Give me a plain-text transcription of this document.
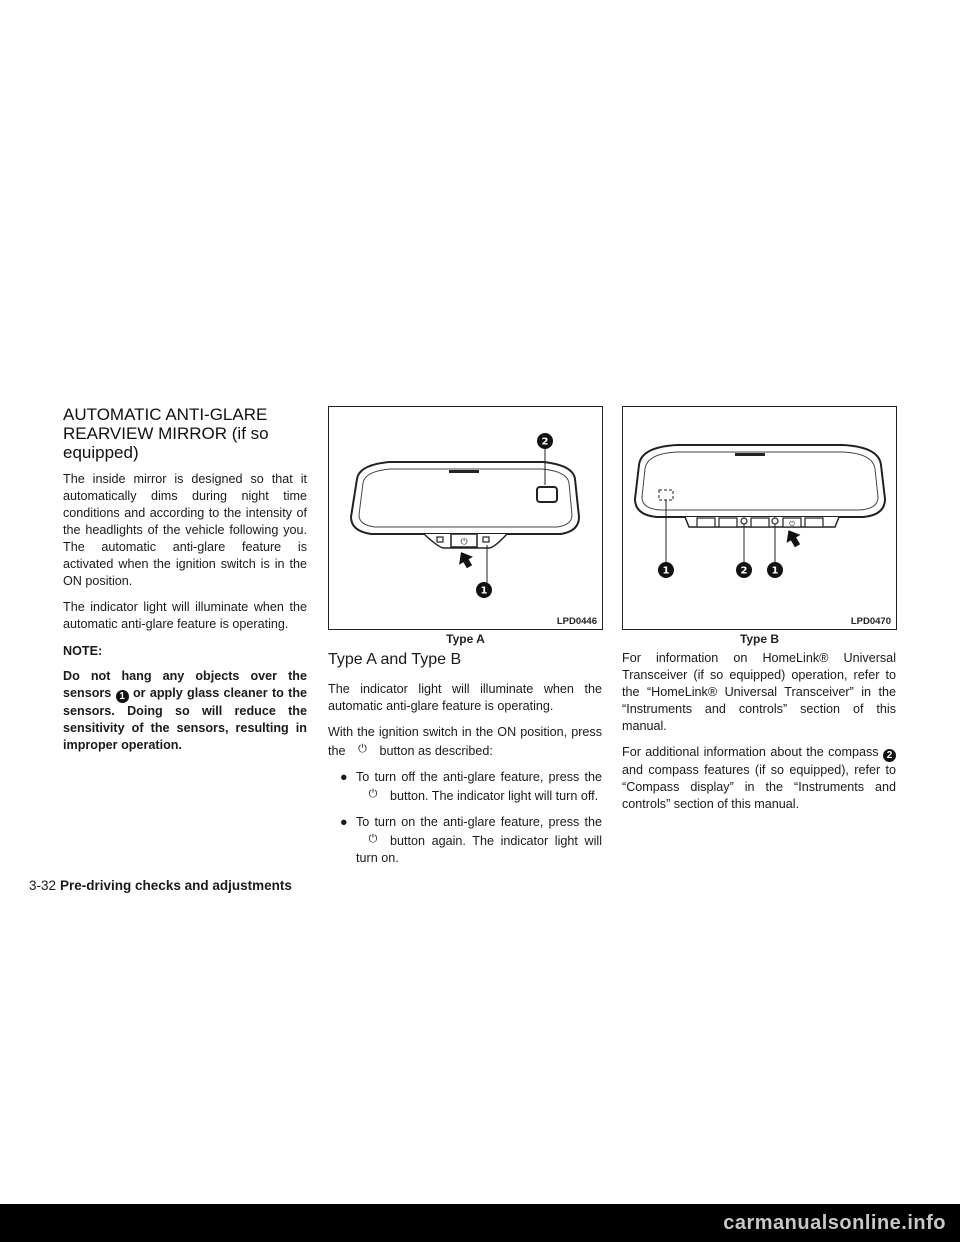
AUTOMATIC ANTI-GLARE
REARVIEW MIRROR (if so equipped)

The inside mirror is designed so that it automatically dims during night time conditions and according to the intensity of the headlights of the vehicle following you. The automatic anti-glare feature is activated when the ignition switch is in the ON position.

The indicator light will illuminate when the automatic anti-glare feature is operating.

NOTE:
Do not hang any objects over the sensors 1 or apply glass cleaner to the sensors. Doing so will reduce the sensitivity of the sensors, resulting in improper operation.
⏻
2
1
LPD0446
Type A
⏻
1	2 1
LPD0470
Type B
Type A and Type B

The indicator light will illuminate when the automatic anti-glare feature is operating.

With the ignition switch in the ON position, press the ⏻ button as described:

● To turn off the anti-glare feature, press the⏻ button. The indicator light will turn off.
● To turn on the anti-glare feature, press the⏻ button again. The indicator light will turn on.

For information on HomeLink® Universal Transceiver (if so equipped) operation, refer to the “HomeLink® Universal Transceiver” in the “Instruments and controls” section of this manual.

For additional information about the compass 2 and compass features (if so equipped), refer to “Compass display” in the “Instruments and controls” section of this manual.

3-32 Pre-driving checks and adjustments
carmanualsonline.info
